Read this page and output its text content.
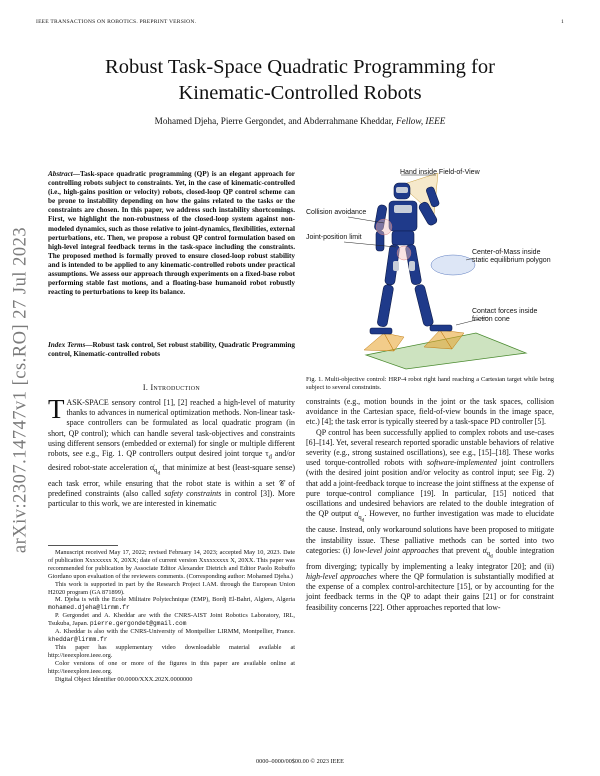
IEEE TRANSACTIONS ON ROBOTICS. PREPRINT VERSION.	1
arXiv:2307.14747v1 [cs.RO] 27 Jul 2023
Robust Task-Space Quadratic Programming for
Kinematic-Controlled Robots
Mohamed Djeha, Pierre Gergondet, and Abderrahmane Kheddar, Fellow, IEEE

Abstract—Task-space quadratic programming (QP) is an elegant approach for controlling robots subject to constraints. Yet, in the case of kinematic-controlled (i.e., high-gains position or velocity) robots, closed-loop QP control scheme can be prone to instability depending on how the gains related to the tasks or the constraints are chosen. In this paper, we address such instability shortcomings. First, we highlight the non-robustness of the closed-loop system against non-modeled dynamics, such as those relative to joint-dynamics, flexibilities, external perturbations, etc. Then, we propose a robust QP control formulation based on high-level integral feedback terms in the task-space including the constraints. The proposed method is formally proved to ensure closed-loop robust stability and is intended to be applied to any kinematic-controlled robots under practical assumptions. We assess our approach through experiments on a fixed-base robot performing stable fast motions, and a floating-base humanoid robot robustly reacting to perturbations to keep its balance.

Index Terms—Robust task control, Set robust stability, Quadratic Programming control, Kinematic-controlled robots

I. Introduction

TASK-SPACE sensory control [1], [2] reached a high-level of maturity thanks to advances in numerical optimization methods. Non-linear task-space controllers can be formulated as local quadratic program (in short, QP control); which can handle several task-objectives and constraints using different sensors (embedded or external) for single or multiple different robots, see e.g., Fig. 1. QP controllers output desired joint torque $\tau_d$ and/or desired robot-state acceleration $\alphȧ_{q_d}$ that minimize at best (least-square sense) each task error, while ensuring that the robot state is within a set 𝒞 of predefined constraints (also called safety constraints in control [3]). More particular to this work, we are interested in kinematic

Manuscript received May 17, 2022; revised February 14, 2023; accepted May 10, 2023. Date of publication Xxxxxxxx X, 20XX; date of current version Xxxxxxxxx X, 20XX. This paper was recommended for publication by Associate Editor Alexander Dietrich and Editor Paolo Robuffo Giordano upon evaluation of the reviewers comments. (Corresponding author: Mohamed Djeha.)

This work is supported in part by the Research Project I.AM. through the European Union H2020 program (GA 871899).

M. Djeha is with the Ecole Militaire Polytechnique (EMP), Bordj El-Bahri, Algiers, Algeria mohamed.djeha@lirmm.fr

P. Gergondet and A. Kheddar are with the CNRS-AIST Joint Robotics Laboratory, IRL, Tsukuba, Japan. pierre.gergondet@gmail.com

A. Kheddar is also with the CNRS-University of Montpellier LIRMM, Montpellier, France. kheddar@lirmm.fr

This paper has supplementary video downloadable material available at http://ieeexplore.ieee.org.

Color versions of one or more of the figures in this paper are available online at http://ieeexplore.ieee.org.

Digital Object Identifier 00.0000/XXX.202X.0000000

Hand inside Field-of-View
Collision avoidance
Joint-position limit
Center-of-Mass inside
static equilibrium polygon
Contact forces inside
friction cone
Fig. 1. Multi-objective control: HRP-4 robot right hand reaching a Cartesian target while being subject to several constraints.

constraints (e.g., motion bounds in the joint or the task spaces, collision avoidance in the Cartesian space, field-of-view bounds in the image space, etc.) [4]; the task error is typically steered by a task-space PD controller [5].

QP control has been successfully applied to complex robots and use-cases [6]–[14]. Yet, several research reported sporadic unstable behaviors of relative severity (e.g., strong sustained oscillations), see e.g., [15]–[18]. These works used torque-controlled robots with software-implemented joint controllers (with the desired joint position and/or velocity as control input; see Fig. 2) that add a joint-feedback torque to increase the joint stiffness at the expense of pure torque-control compliance [19]. In particular, [15] noticed that oscillations and undesired behaviors are related to the double integration of the QP output $\alphȧ_{q_d}$. However, no further investigation was made to elucidate the cause. Instead, only workaround solutions have been proposed to mitigate the instability issue. These palliative methods can be sorted into two categories: (i) low-level joint approaches that prevent $\alphȧ_{q_d}$ double integration from diverging; typically by implementing a leaky integrator [20]; and (ii) high-level approaches where the QP formulation is substantially modified at the expense of a complex control-architecture [15], or by accounting for the joint feedback terms in the QP to adapt their gains [21] or for constraint feasibility concerns [22]. Other approaches reported that low-

0000–0000/00$00.00 © 2023 IEEE
